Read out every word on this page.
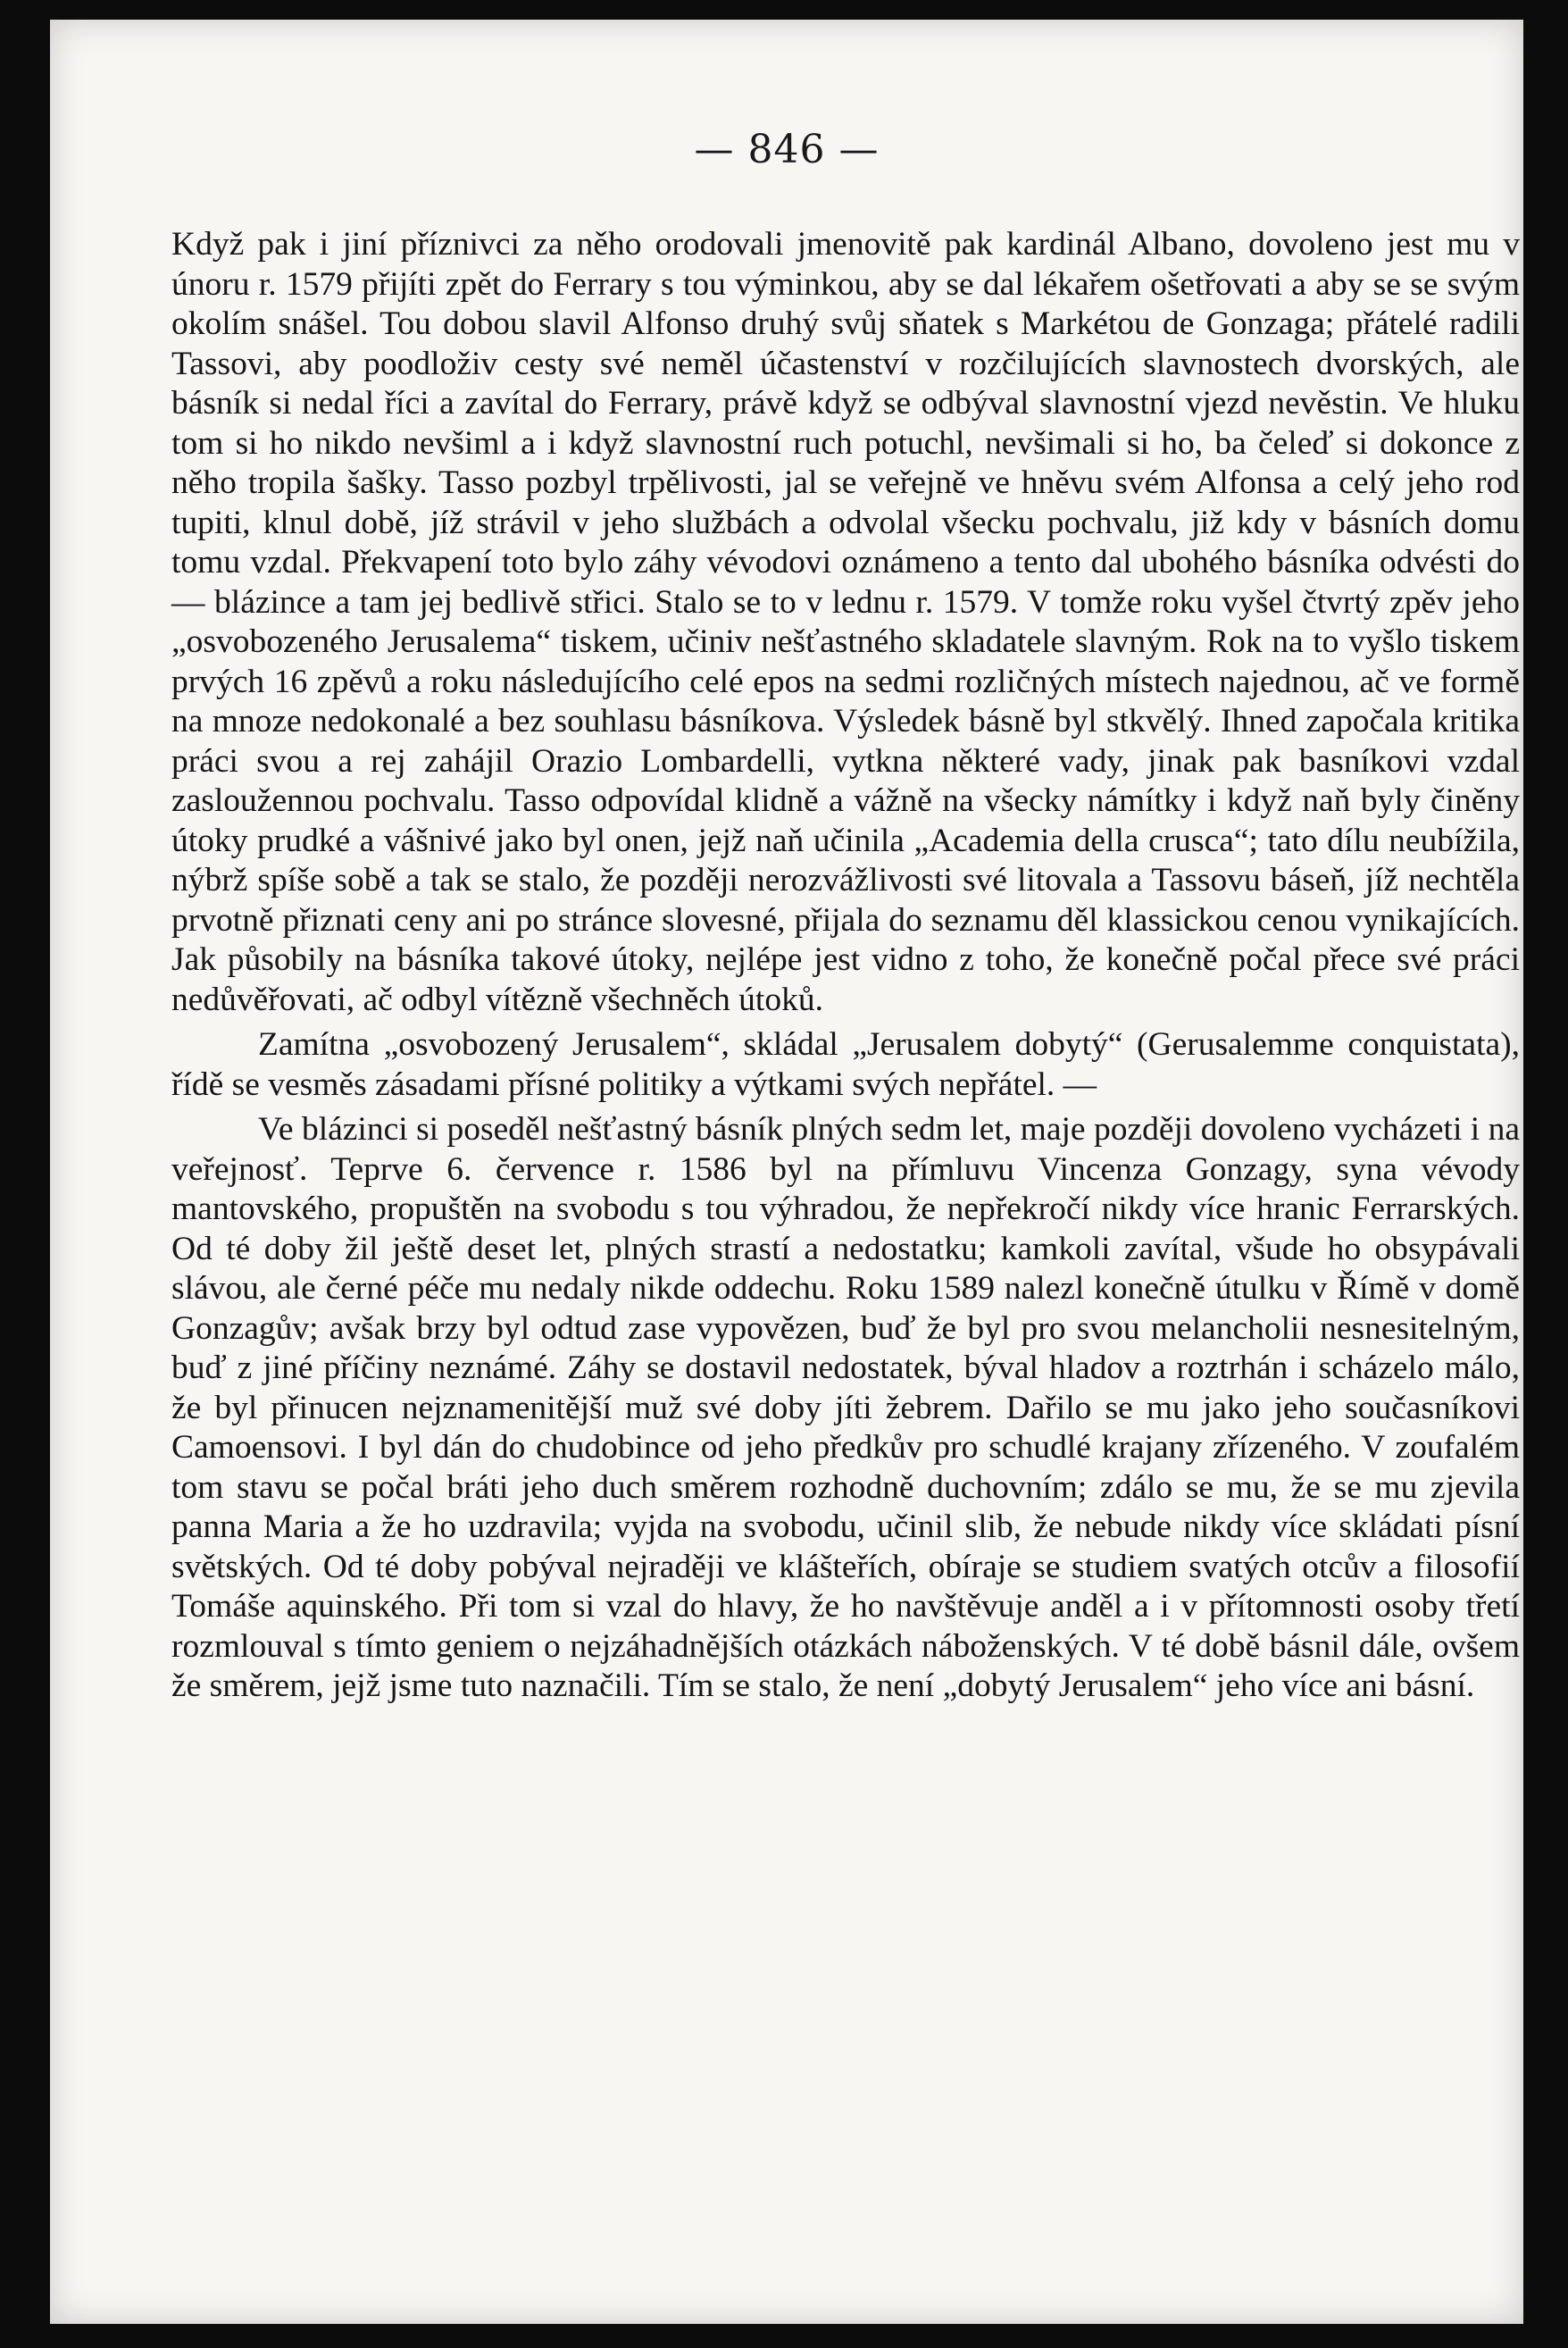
— 846 —

Když pak i jiní příznivci za něho orodovali jmenovitě pak kardinál Albano, dovoleno jest mu v únoru r. 1579 přijíti zpět do Ferrary s tou výminkou, aby se dal lékařem ošetřovati a aby se se svým okolím snášel. Tou dobou slavil Alfonso druhý svůj sňatek s Markétou de Gonzaga; přátelé radili Tassovi, aby poodloživ cesty své neměl účastenství v rozčilujících slavnostech dvorských, ale básník si nedal říci a zavítal do Ferrary, právě když se odbýval slavnostní vjezd nevěstin. Ve hluku tom si ho nikdo nevšiml a i když slavnostní ruch potuchl, nevšimali si ho, ba čeleď si dokonce z něho tropila šašky. Tasso pozbyl trpělivosti, jal se veřejně ve hněvu svém Alfonsa a celý jeho rod tupiti, klnul době, jíž strávil v jeho službách a odvolal všecku pochvalu, již kdy v básních domu tomu vzdal. Překvapení toto bylo záhy vévodovi oznámeno a tento dal ubohého básníka odvésti do — blázince a tam jej bedlivě střici. Stalo se to v lednu r. 1579. V tomže roku vyšel čtvrtý zpěv jeho „osvobozeného Jerusalema“ tiskem, učiniv nešťastného skladatele slavným. Rok na to vyšlo tiskem prvých 16 zpěvů a roku následujícího celé epos na sedmi rozličných místech najednou, ač ve formě na mnoze nedokonalé a bez souhlasu básníkova. Výsledek básně byl stkvělý. Ihned započala kritika práci svou a rej zahájil Orazio Lombardelli, vytkna některé vady, jinak pak basníkovi vzdal zasloužennou pochvalu. Tasso odpovídal klidně a vážně na všecky námítky i když naň byly činěny útoky prudké a vášnivé jako byl onen, jejž naň učinila „Academia della crusca“; tato dílu neubížila, nýbrž spíše sobě a tak se stalo, že později nerozvážlivosti své litovala a Tassovu báseň, jíž nechtěla prvotně přiznati ceny ani po stránce slovesné, přijala do seznamu děl klassickou cenou vynikajících. Jak působily na básníka takové útoky, nejlépe jest vidno z toho, že konečně počal přece své práci nedůvěřovati, ač odbyl vítězně všechněch útoků.

Zamítna „osvobozený Jerusalem“, skládal „Jerusalem dobytý“ (Gerusalemme conquistata), řídě se vesměs zásadami přísné politiky a výtkami svých nepřátel. —

Ve blázinci si poseděl nešťastný básník plných sedm let, maje později dovoleno vycházeti i na veřejnosť. Teprve 6. července r. 1586 byl na přímluvu Vincenza Gonzagy, syna vévody mantovského, propuštěn na svobodu s tou výhradou, že nepřekročí nikdy více hranic Ferrarských. Od té doby žil ještě deset let, plných strastí a nedostatku; kamkoli zavítal, všude ho obsypávali slávou, ale černé péče mu nedaly nikde oddechu. Roku 1589 nalezl konečně útulku v Římě v domě Gonzagův; avšak brzy byl odtud zase vypovězen, buď že byl pro svou melancholii nesnesitelným, buď z jiné příčiny neznámé. Záhy se dostavil nedostatek, býval hladov a roztrhán i scházelo málo, že byl přinucen nejznamenitější muž své doby jíti žebrem. Dařilo se mu jako jeho současníkovi Camoensovi. I byl dán do chudobince od jeho předkův pro schudlé krajany zřízeného. V zoufalém tom stavu se počal bráti jeho duch směrem rozhodně duchovním; zdálo se mu, že se mu zjevila panna Maria a že ho uzdravila; vyjda na svobodu, učinil slib, že nebude nikdy více skládati písní světských. Od té doby pobýval nejraději ve klášteřích, obíraje se studiem svatých otcův a filosofií Tomáše aquinského. Při tom si vzal do hlavy, že ho navštěvuje anděl a i v přítomnosti osoby třetí rozmlouval s tímto geniem o nejzáhadnějších otázkách náboženských. V té době básnil dále, ovšem že směrem, jejž jsme tuto naznačili. Tím se stalo, že není „dobytý Jerusalem“ jeho více ani básní.
